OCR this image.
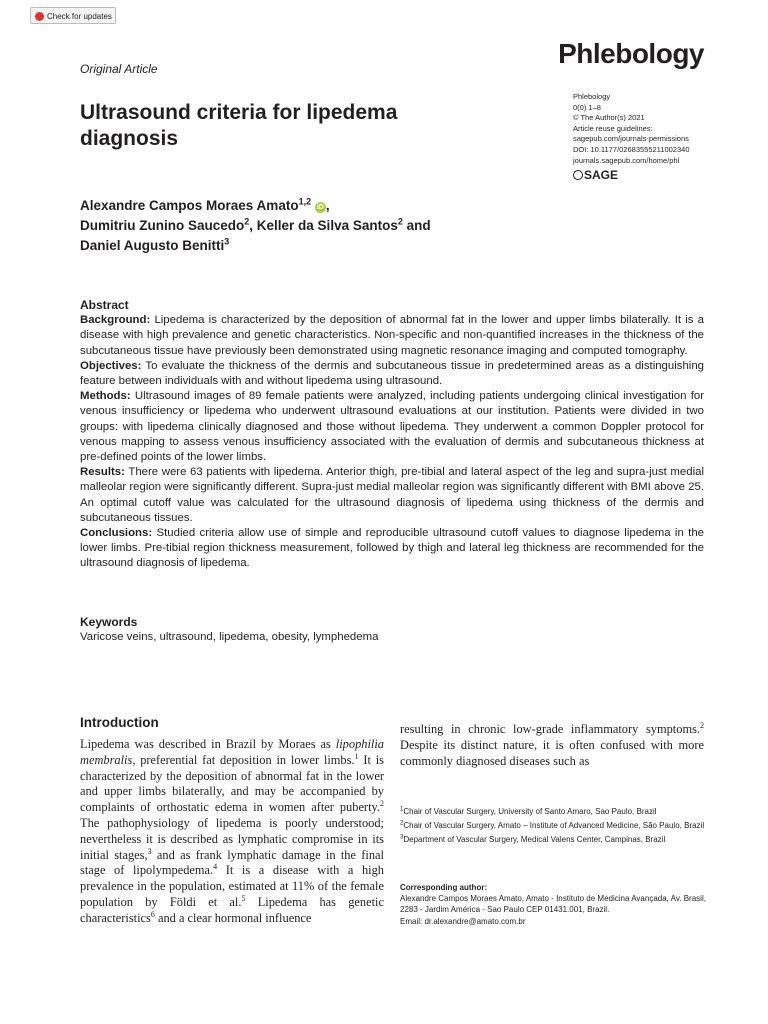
Check for updates
Original Article	Phlebology
Phlebology
0(0) 1–8
© The Author(s) 2021
Article reuse guidelines:
sagepub.com/journals-permissions
DOI: 10.1177/02683555211002340
journals.sagepub.com/home/phl
SAGE
Ultrasound criteria for lipedema diagnosis
Alexandre Campos Moraes Amato$^{1,2}$ iD ,
Dumitriu Zunino Saucedo$^2$, Keller da Silva Santos$^2$ and
Daniel Augusto Benitti$^3$
Abstract

Background: Lipedema is characterized by the deposition of abnormal fat in the lower and upper limbs bilaterally. It is a disease with high prevalence and genetic characteristics. Non-specific and non-quantified increases in the thickness of the subcutaneous tissue have previously been demonstrated using magnetic resonance imaging and computed tomography.

Objectives: To evaluate the thickness of the dermis and subcutaneous tissue in predetermined areas as a distinguishing feature between individuals with and without lipedema using ultrasound.

Methods: Ultrasound images of 89 female patients were analyzed, including patients undergoing clinical investigation for venous insufficiency or lipedema who underwent ultrasound evaluations at our institution. Patients were divided in two groups: with lipedema clinically diagnosed and those without lipedema. They underwent a common Doppler protocol for venous mapping to assess venous insufficiency associated with the evaluation of dermis and subcutaneous thickness at pre-defined points of the lower limbs.

Results: There were 63 patients with lipedema. Anterior thigh, pre-tibial and lateral aspect of the leg and supra-just medial malleolar region were significantly different. Supra-just medial malleolar region was significantly different with BMI above 25. An optimal cutoff value was calculated for the ultrasound diagnosis of lipedema using thickness of the dermis and subcutaneous tissues.

Conclusions: Studied criteria allow use of simple and reproducible ultrasound cutoff values to diagnose lipedema in the lower limbs. Pre-tibial region thickness measurement, followed by thigh and lateral leg thickness are recommended for the ultrasound diagnosis of lipedema.

Keywords
Varicose veins, ultrasound, lipedema, obesity, lymphedema
Introduction

Lipedema was described in Brazil by Moraes as lipophilia membralis, preferential fat deposition in lower limbs.$^1$ It is characterized by the deposition of abnormal fat in the lower and upper limbs bilaterally, and may be accompanied by complaints of orthostatic edema in women after puberty.$^2$ The pathophysiology of lipedema is poorly understood; nevertheless it is described as lymphatic compromise in its initial stages,$^3$ and as frank lymphatic damage in the final stage of lipolympedema.$^4$ It is a disease with a high prevalence in the population, estimated at 11% of the female population by Földi et al.$^5$ Lipedema has genetic characteristics$^6$ and a clear hormonal influence

resulting in chronic low-grade inflammatory symptoms.$^2$ Despite its distinct nature, it is often confused with more commonly diagnosed diseases such as

$^1$Chair of Vascular Surgery, University of Santo Amaro, Sao Paulo, Brazil

$^2$Chair of Vascular Surgery, Amato – Institute of Advanced Medicine, São Paulo, Brazil

$^3$Department of Vascular Surgery, Medical Valens Center, Campinas, Brazil

Corresponding author:
Alexandre Campos Moraes Amato, Amato - Instituto de Medicina Avançada, Av. Brasil, 2283 - Jardim América - Sao Paulo CEP 01431.001, Brazil.
Email: dr.alexandre@amato.com.br
